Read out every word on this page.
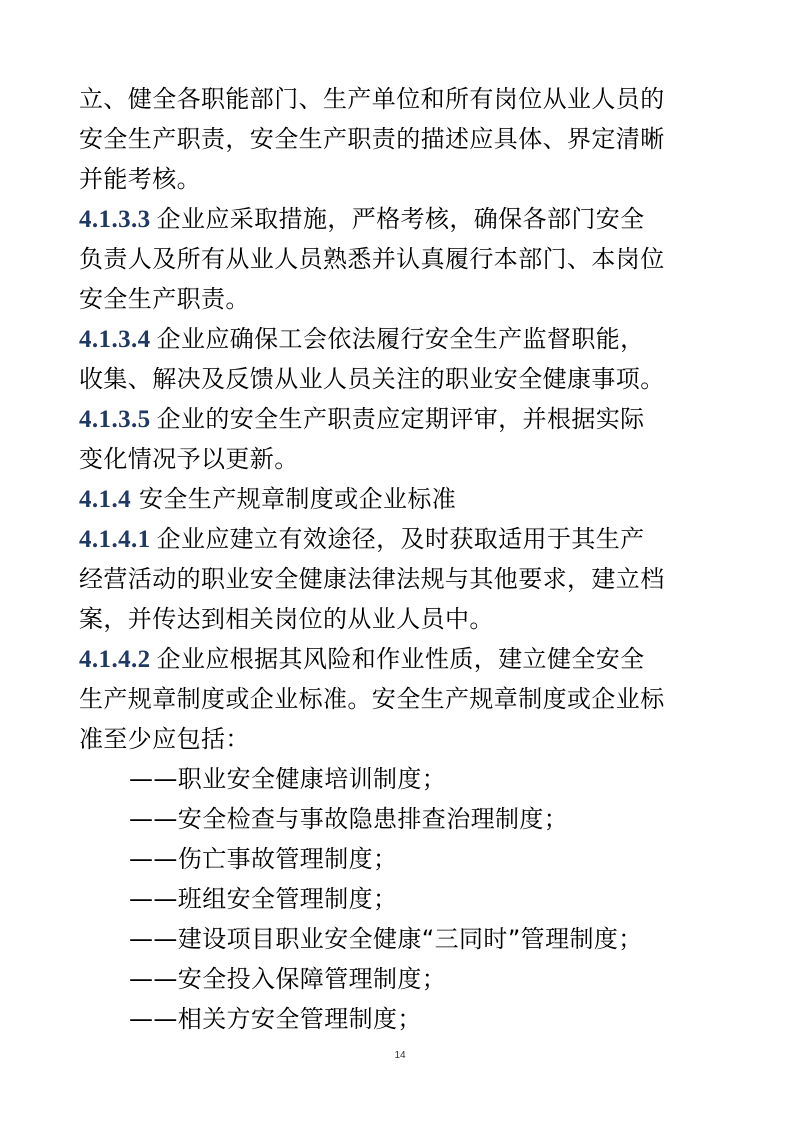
立、健全各职能部门、生产单位和所有岗位从业人员的
安全生产职责，安全生产职责的描述应具体、界定清晰
并能考核。
4.1.3.3 企业应采取措施，严格考核，确保各部门安全
负责人及所有从业人员熟悉并认真履行本部门、本岗位
安全生产职责。
4.1.3.4 企业应确保工会依法履行安全生产监督职能，
收集、解决及反馈从业人员关注的职业安全健康事项。
4.1.3.5 企业的安全生产职责应定期评审，并根据实际
变化情况予以更新。
4.1.4 安全生产规章制度或企业标准
4.1.4.1 企业应建立有效途径，及时获取适用于其生产
经营活动的职业安全健康法律法规与其他要求，建立档
案，并传达到相关岗位的从业人员中。
4.1.4.2 企业应根据其风险和作业性质，建立健全安全
生产规章制度或企业标准。安全生产规章制度或企业标
准至少应包括：
——职业安全健康培训制度；
——安全检查与事故隐患排查治理制度；
——伤亡事故管理制度；
——班组安全管理制度；
——建设项目职业安全健康“三同时”管理制度；
——安全投入保障管理制度；
——相关方安全管理制度；
14
